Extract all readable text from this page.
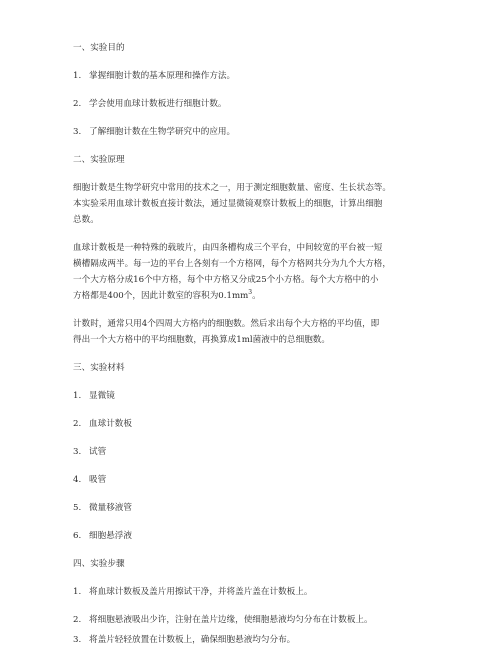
一、实验目的
1. 掌握细胞计数的基本原理和操作方法。
2. 学会使用血球计数板进行细胞计数。
3. 了解细胞计数在生物学研究中的应用。
二、实验原理
细胞计数是生物学研究中常用的技术之一，用于测定细胞数量、密度、生长状态等。
本实验采用血球计数板直接计数法，通过显微镜观察计数板上的细胞，计算出细胞
总数。
血球计数板是一种特殊的载玻片，由四条槽构成三个平台，中间较宽的平台被一短
横槽隔成两半。每一边的平台上各刻有一个方格网，每个方格网共分为九个大方格，
一个大方格分成16个中方格，每个中方格又分成25个小方格。每个大方格中的小
方格都是400个，因此计数室的容积为$0.1mm^3$。
计数时，通常只用4个四周大方格内的细胞数。然后求出每个大方格的平均值，即
得出一个大方格中的平均细胞数，再换算成1ml菌液中的总细胞数。
三、实验材料
1. 显微镜
2. 血球计数板
3. 试管
4. 吸管
5. 微量移液管
6. 细胞悬浮液
四、实验步骤
1. 将血球计数板及盖片用擦试干净，并将盖片盖在计数板上。
2. 将细胞悬液吸出少许，注射在盖片边缘，使细胞悬液均匀分布在计数板上。
3. 将盖片轻轻放置在计数板上，确保细胞悬液均匀分布。
